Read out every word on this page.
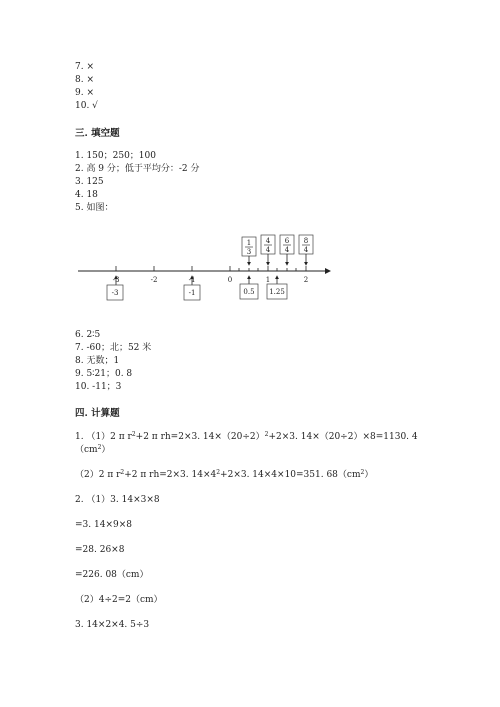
7. ×
8. ×
9. ×
10. √
三. 填空题
1. 150；250；100
2. 高 9 分；低于平均分：-2 分
3. 125
4. 18
5. 如图：
-3	-2	-1	0	1	2
-3	-1	0.5 1.25
1
3
4
4
6
4
8
4
6. 2∶5
7. -60；北；52 米
8. 无数；1
9. 5∶21；0. 8
10. -11；3
四. 计算题
1. （1）2 π $r^2+2$ π rh=2×3. $14\times(20\div 2)^2+2\times 3$. 14×（20÷2）×8=1130. 4
$(cm^2)$
（2）2 π $r^2+2$ π rh=2×3. $14\times 4^2+2\times 3$. 14×4×10=351. $68(cm^2)$
2. （1）3. 14×3×8
=3. 14×9×8
=28. 26×8
=226. 08（cm）
（2）4÷2=2（cm）
3. 14×2×4. 5÷3
